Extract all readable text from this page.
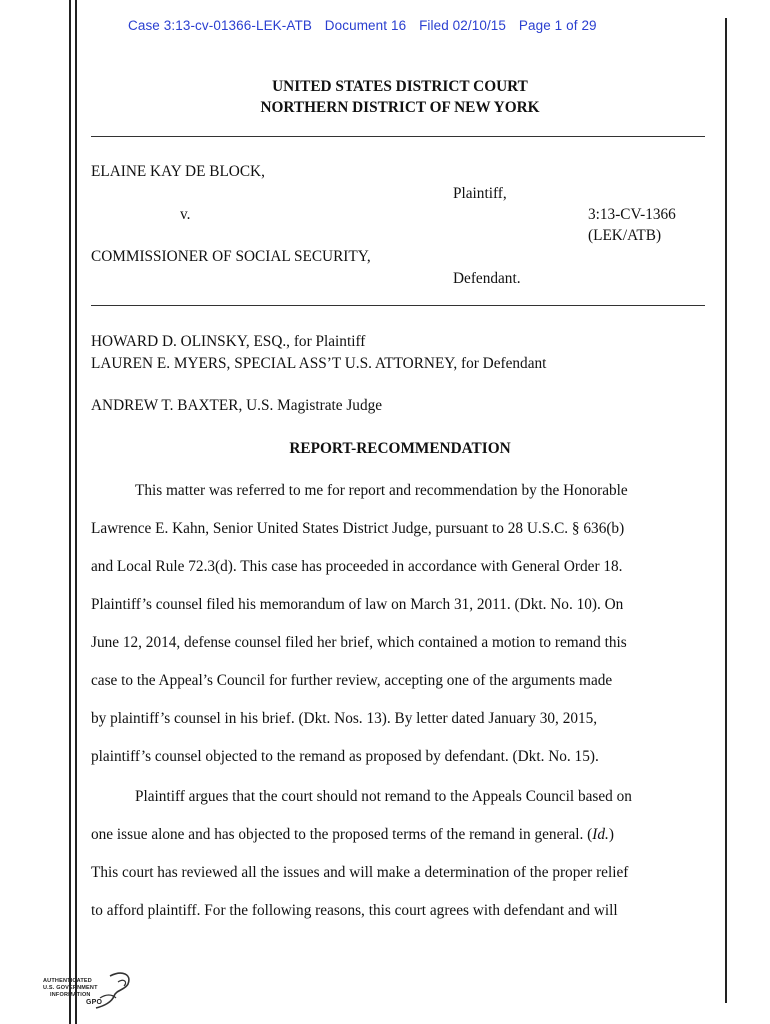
Case 3:13-cv-01366-LEK-ATB Document 16 Filed 02/10/15 Page 1 of 29
UNITED STATES DISTRICT COURT
NORTHERN DISTRICT OF NEW YORK
ELAINE KAY DE BLOCK,
Plaintiff,
v.	3:13-CV-1366
(LEK/ATB)
COMMISSIONER OF SOCIAL SECURITY,
Defendant.
HOWARD D. OLINSKY, ESQ., for Plaintiff
LAUREN E. MYERS, SPECIAL ASS’T U.S. ATTORNEY, for Defendant
ANDREW T. BAXTER, U.S. Magistrate Judge
REPORT-RECOMMENDATION
This matter was referred to me for report and recommendation by the Honorable
Lawrence E. Kahn, Senior United States District Judge, pursuant to 28 U.S.C. § 636(b)
and Local Rule 72.3(d). This case has proceeded in accordance with General Order 18.
Plaintiff’s counsel filed his memorandum of law on March 31, 2011. (Dkt. No. 10). On
June 12, 2014, defense counsel filed her brief, which contained a motion to remand this
case to the Appeal’s Council for further review, accepting one of the arguments made
by plaintiff’s counsel in his brief. (Dkt. Nos. 13). By letter dated January 30, 2015,
plaintiff’s counsel objected to the remand as proposed by defendant. (Dkt. No. 15).
Plaintiff argues that the court should not remand to the Appeals Council based on
one issue alone and has objected to the proposed terms of the remand in general. (Id.)
This court has reviewed all the issues and will make a determination of the proper relief
to afford plaintiff. For the following reasons, this court agrees with defendant and will
AUTHENTICATED
U.S. GOVERNMENT
INFORMATION
GPO
